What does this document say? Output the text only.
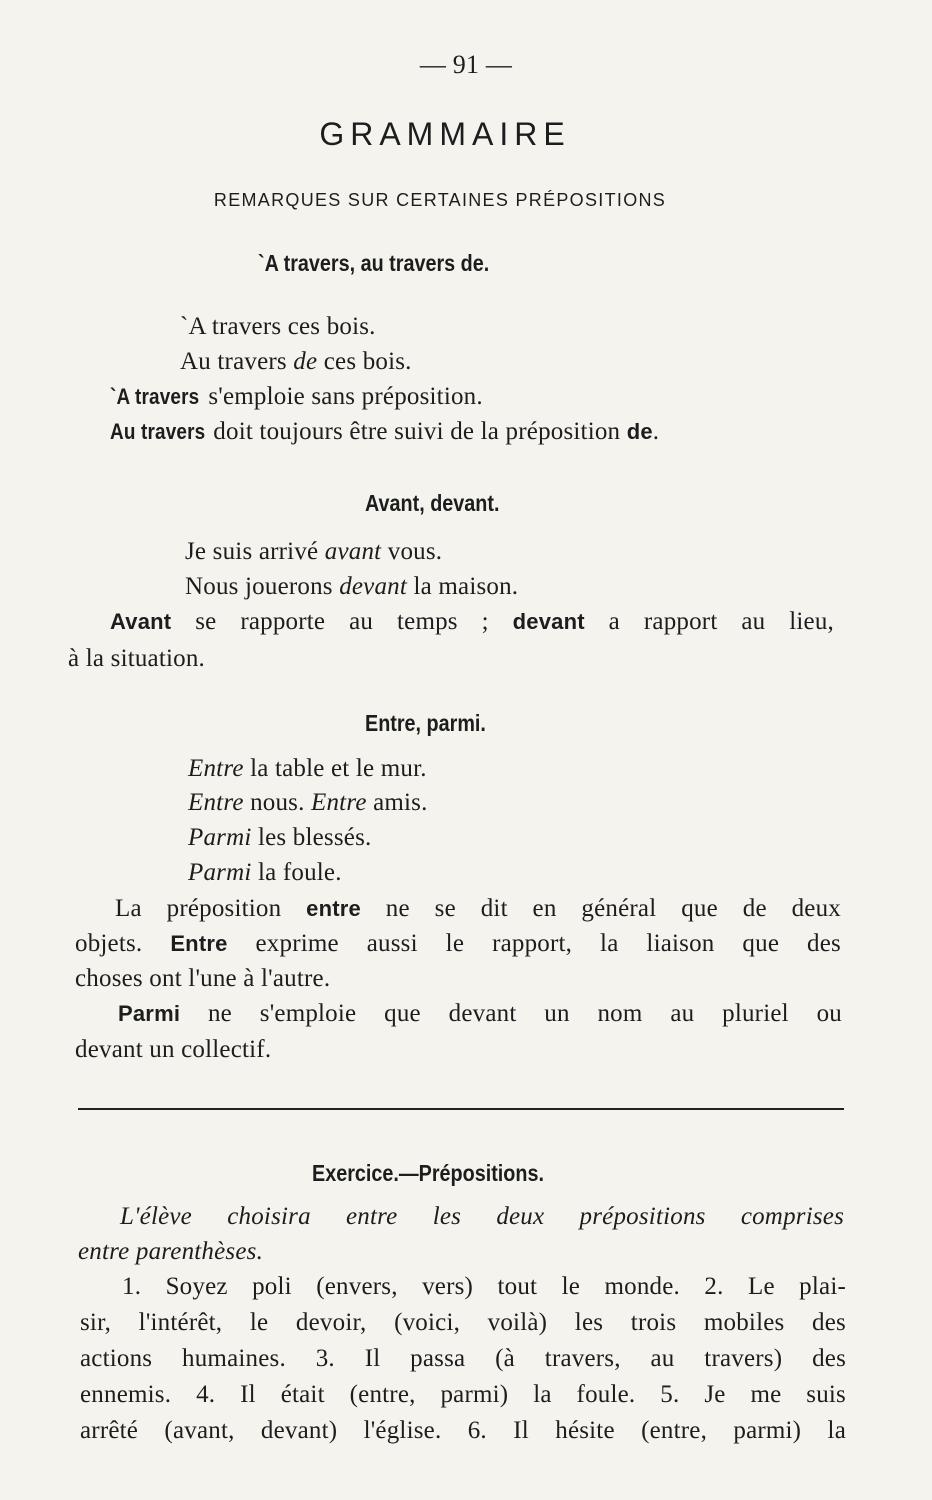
— 91 —
GRAMMAIRE
REMARQUES SUR CERTAINES PRÉPOSITIONS
`A travers, au travers de.
`A travers ces bois.
Au travers de ces bois.
`A travers s'emploie sans préposition.
Au travers doit toujours être suivi de la préposition de.
Avant, devant.
Je suis arrivé avant vous.
Nous jouerons devant la maison.
Avant se rapporte au temps ; devant a rapport au lieu,
à la situation.
Entre, parmi.
Entre la table et le mur.
Entre nous. Entre amis.
Parmi les blessés.
Parmi la foule.
La préposition entre ne se dit en général que de deux
objets. Entre exprime aussi le rapport, la liaison que des
choses ont l'une à l'autre.
Parmi ne s'emploie que devant un nom au pluriel ou
devant un collectif.
Exercice.—Prépositions.
L'élève choisira entre les deux prépositions comprises
entre parenthèses.
1. Soyez poli (envers, vers) tout le monde. 2. Le plai-
sir, l'intérêt, le devoir, (voici, voilà) les trois mobiles des
actions humaines. 3. Il passa (à travers, au travers) des
ennemis. 4. Il était (entre, parmi) la foule. 5. Je me suis
arrêté (avant, devant) l'église. 6. Il hésite (entre, parmi) la
